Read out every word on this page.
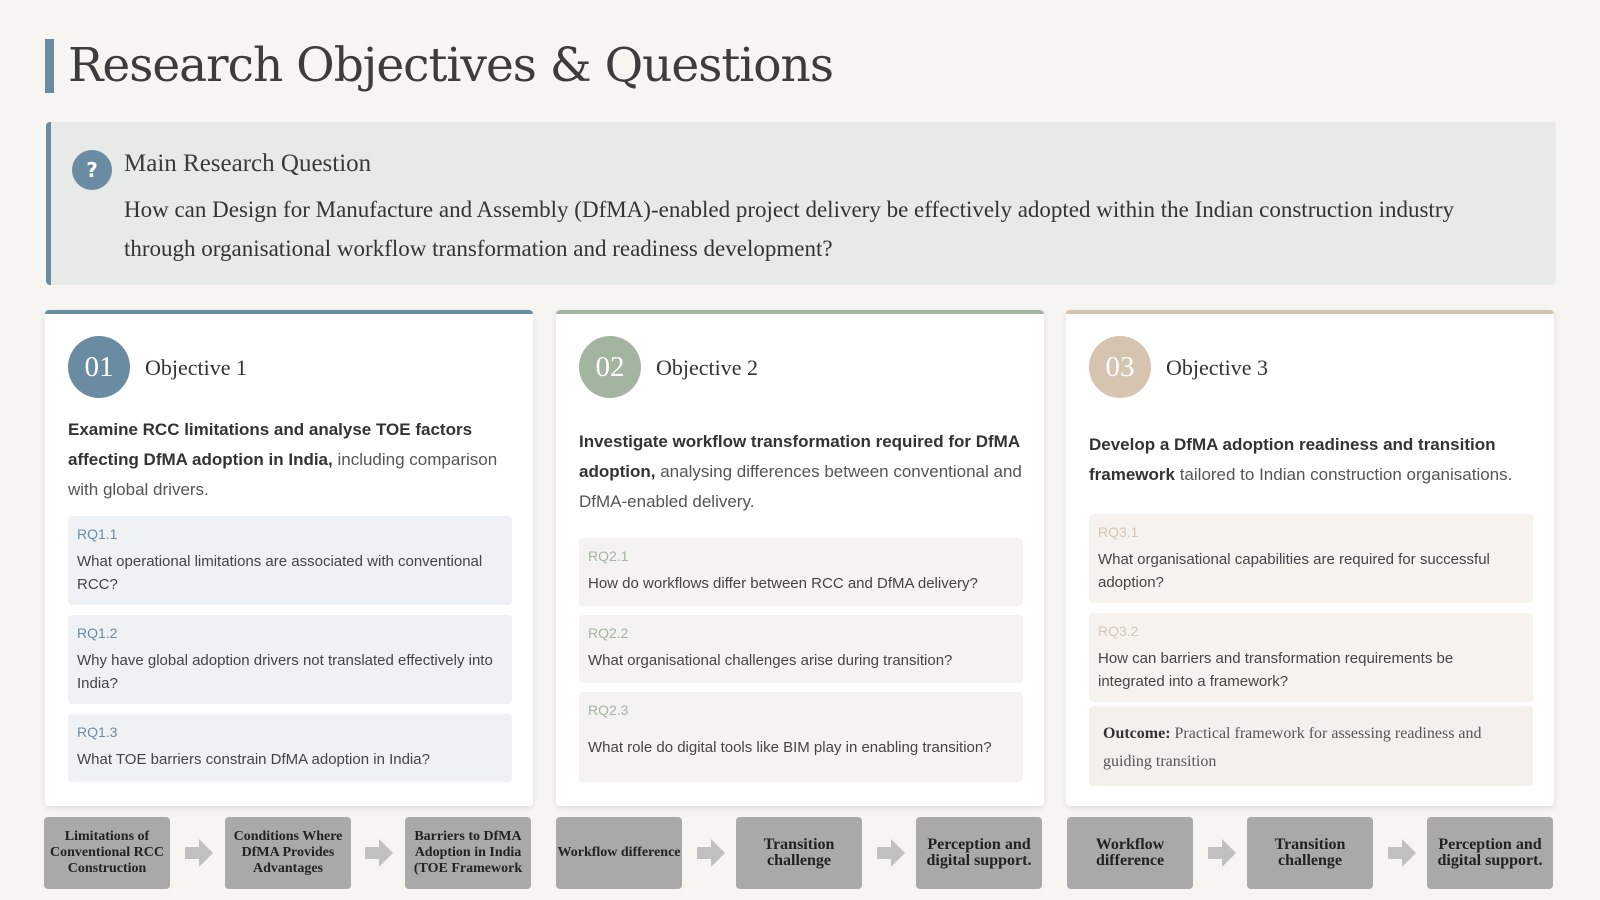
Research Objectives & Questions
?	Main Research Question
How can Design for Manufacture and Assembly (DfMA)-enabled project delivery be effectively adopted within the Indian construction industry through organisational workflow transformation and readiness development?
01	Objective 1
Examine RCC limitations and analyse TOE factors affecting DfMA adoption in India, including comparison with global drivers.
RQ1.1
What operational limitations are associated with conventional RCC?
RQ1.2
Why have global adoption drivers not translated effectively into India?
RQ1.3
What TOE barriers constrain DfMA adoption in India?
02	Objective 2
Investigate workflow transformation required for DfMA adoption, analysing differences between conventional and DfMA-enabled delivery.
RQ2.1
How do workflows differ between RCC and DfMA delivery?
RQ2.2
What organisational challenges arise during transition?
RQ2.3
What role do digital tools like BIM play in enabling transition?
03	Objective 3
Develop a DfMA adoption readiness and transition framework tailored to Indian construction organisations.
RQ3.1
What organisational capabilities are required for successful adoption?
RQ3.2
How can barriers and transformation requirements be integrated into a framework?
Outcome: Practical framework for assessing readiness and guiding transition
Limitations of Conventional RCC Construction
Conditions Where DfMA Provides Advantages
Barriers to DfMA Adoption in India (TOE Framework
Workflow difference	Transition challenge
Perception and digital support.
Workflow difference
Transition challenge
Perception and digital support.
